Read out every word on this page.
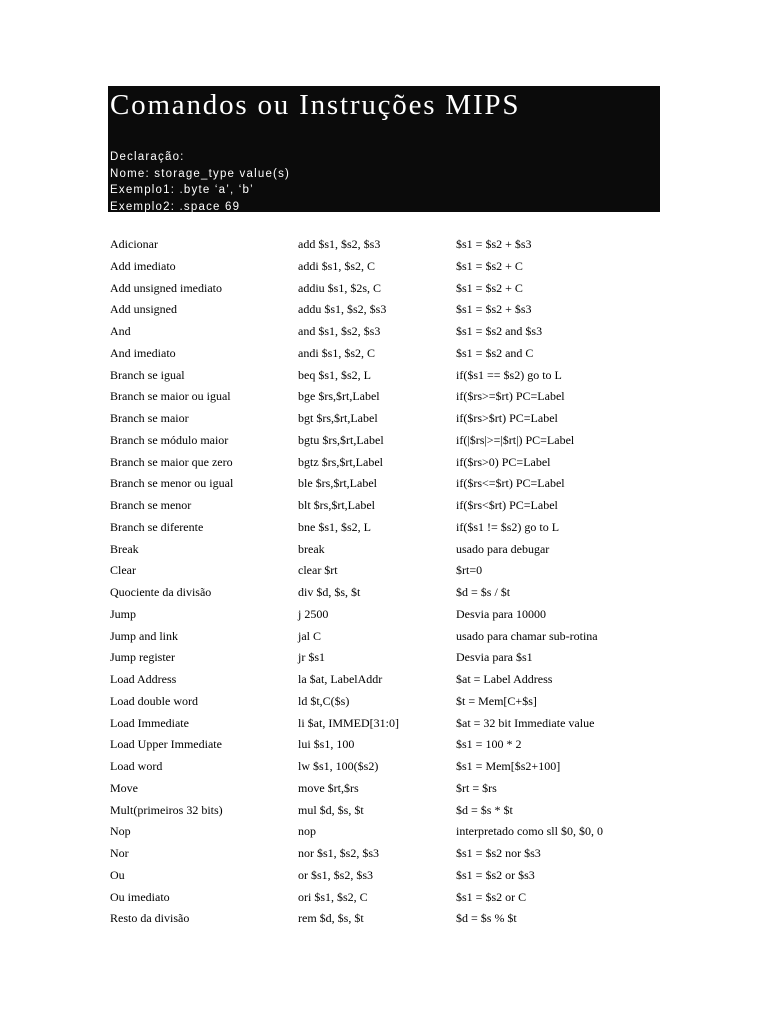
Comandos ou Instruções MIPS
Declaração:
Nome: storage_type value(s)
Exemplo1: .byte ‘a’, ‘b’
Exemplo2: .space 69
Adicionar	add $s1, $s2, $s3	$s1 = $s2 + $s3
Add imediato	addi $s1, $s2, C	$s1 = $s2 + C
Add unsigned imediato	addiu $s1, $2s, C	$s1 = $s2 + C
Add unsigned	addu $s1, $s2, $s3	$s1 = $s2 + $s3
And	and $s1, $s2, $s3	$s1 = $s2 and $s3
And imediato	andi $s1, $s2, C	$s1 = $s2 and C
Branch se igual	beq $s1, $s2, L	if($s1 == $s2) go to L
Branch se maior ou igual	bge $rs,$rt,Label	if($rs>=$rt) PC=Label
Branch se maior	bgt $rs,$rt,Label	if($rs>$rt) PC=Label
Branch se módulo maior	bgtu $rs,$rt,Label	if(|$rs|>=|$rt|) PC=Label
Branch se maior que zero	bgtz $rs,$rt,Label	if($rs>0) PC=Label
Branch se menor ou igual	ble $rs,$rt,Label	if($rs<=$rt) PC=Label
Branch se menor	blt $rs,$rt,Label	if($rs<$rt) PC=Label
Branch se diferente	bne $s1, $s2, L	if($s1 != $s2) go to L
Break	break	usado para debugar
Clear	clear $rt	$rt=0
Quociente da divisão	div $d, $s, $t	$d = $s / $t
Jump	j 2500	Desvia para 10000
Jump and link	jal C	usado para chamar sub-rotina
Jump register	jr $s1	Desvia para $s1
Load Address	la $at, LabelAddr	$at = Label Address
Load double word	ld $t,C($s)	$t = Mem[C+$s]
Load Immediate	li $at, IMMED[31:0]	$at = 32 bit Immediate value
Load Upper Immediate	lui $s1, 100	$s1 = 100 * 2
Load word	lw $s1, 100($s2)	$s1 = Mem[$s2+100]
Move	move $rt,$rs	$rt = $rs
Mult(primeiros 32 bits)	mul $d, $s, $t	$d = $s * $t
Nop	nop	interpretado como sll $0, $0, 0
Nor	nor $s1, $s2, $s3	$s1 = $s2 nor $s3
Ou	or $s1, $s2, $s3	$s1 = $s2 or $s3
Ou imediato	ori $s1, $s2, C	$s1 = $s2 or C
Resto da divisão	rem $d, $s, $t	$d = $s % $t
